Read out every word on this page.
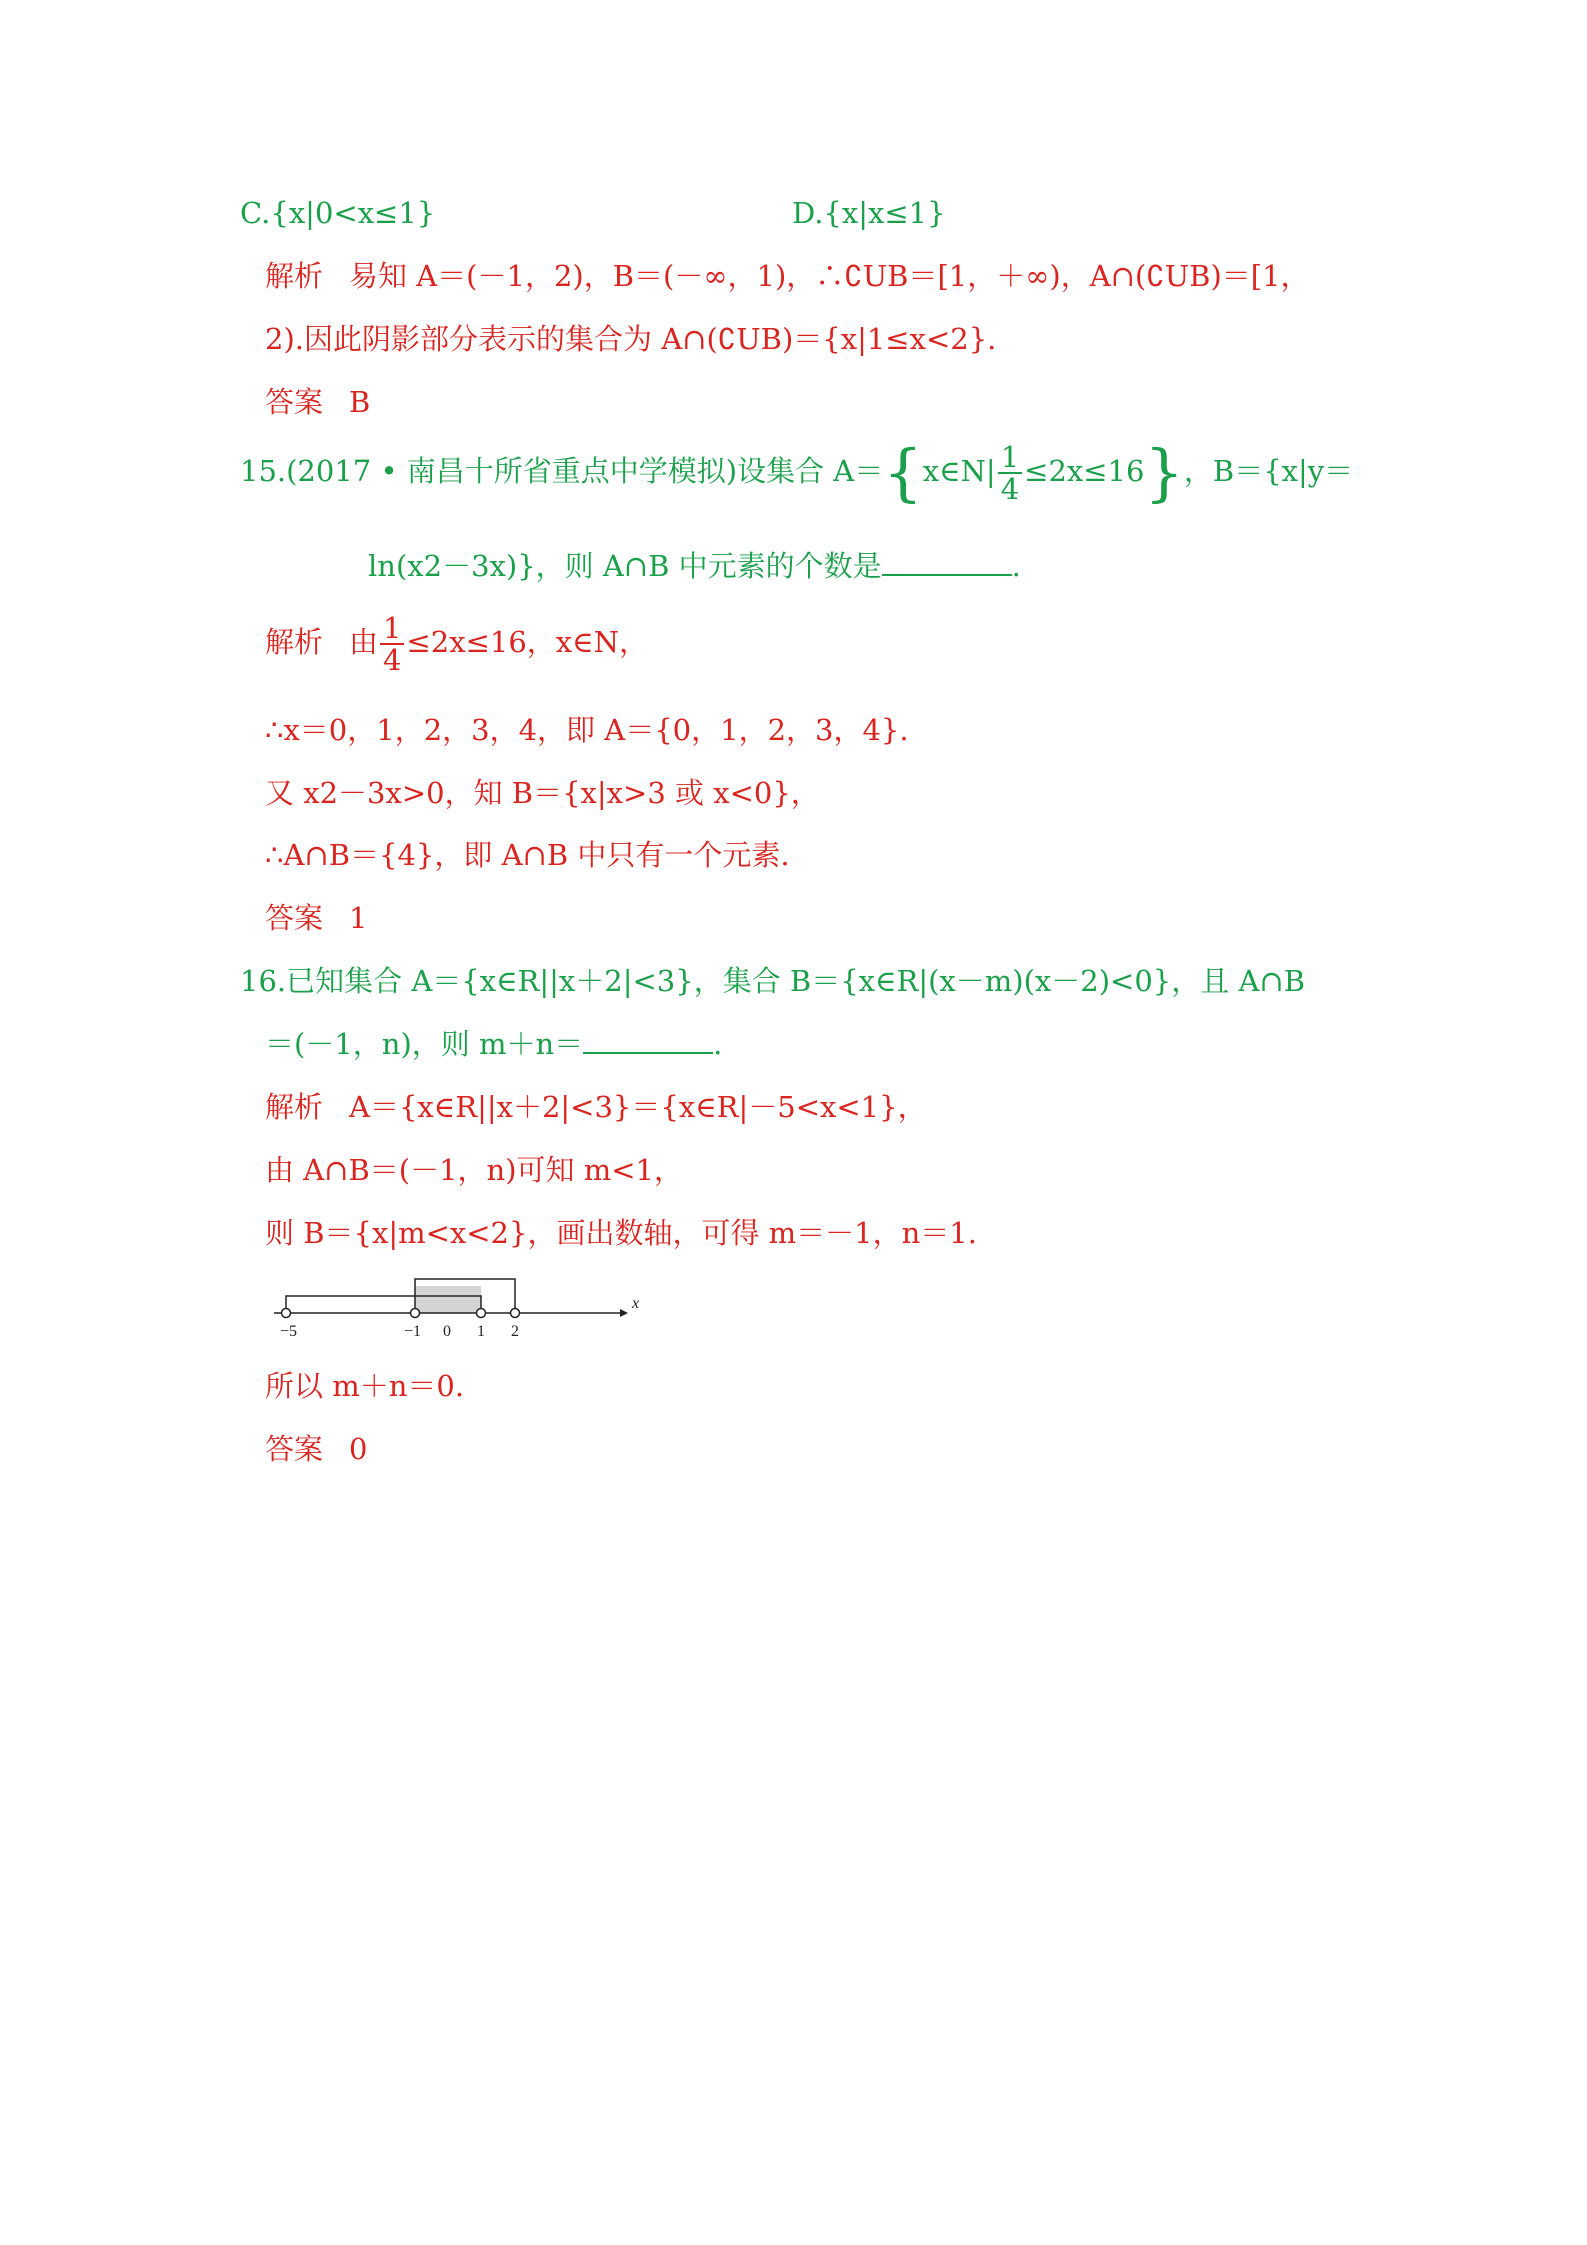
C.{x|0<x≤1}	D.{x|x≤1}
解析 易知 A＝(－1，2)，B＝(－∞，1)，∴∁UB＝[1，＋∞)，A∩(∁UB)＝[1，
2).因此阴影部分表示的集合为 A∩(∁UB)＝{x|1≤x<2}.
答案 B
15.(2017 • 南昌十所省重点中学模拟)设集合 A＝{x∈N| $\frac{1}{4} \le 2x\le 16$}，B＝{x|y＝
ln(x2－3x)}，则 A∩B 中元素的个数是	.
解析 由 $\frac{1}{4} \le 2x\le 16$，x∈N，
∴x＝0，1，2，3，4，即 A＝{0，1，2，3，4}.
又 x2－3x>0，知 B＝{x|x>3 或 x<0}，
∴A∩B＝{4}，即 A∩B 中只有一个元素.
答案 1
16.已知集合 A＝{x∈R||x＋2|<3}，集合 B＝{x∈R|(x－m)(x－2)<0}，且 A∩B
＝(－1，n)，则 m＋n＝	.
解析 A＝{x∈R||x＋2|<3}＝{x∈R|－5<x<1}，
由 A∩B＝(－1，n)可知 m<1，
则 B＝{x|m<x<2}，画出数轴，可得 m＝－1，n＝1.
−5	−1 0 1 2
x
所以 m＋n＝0.
答案 0
